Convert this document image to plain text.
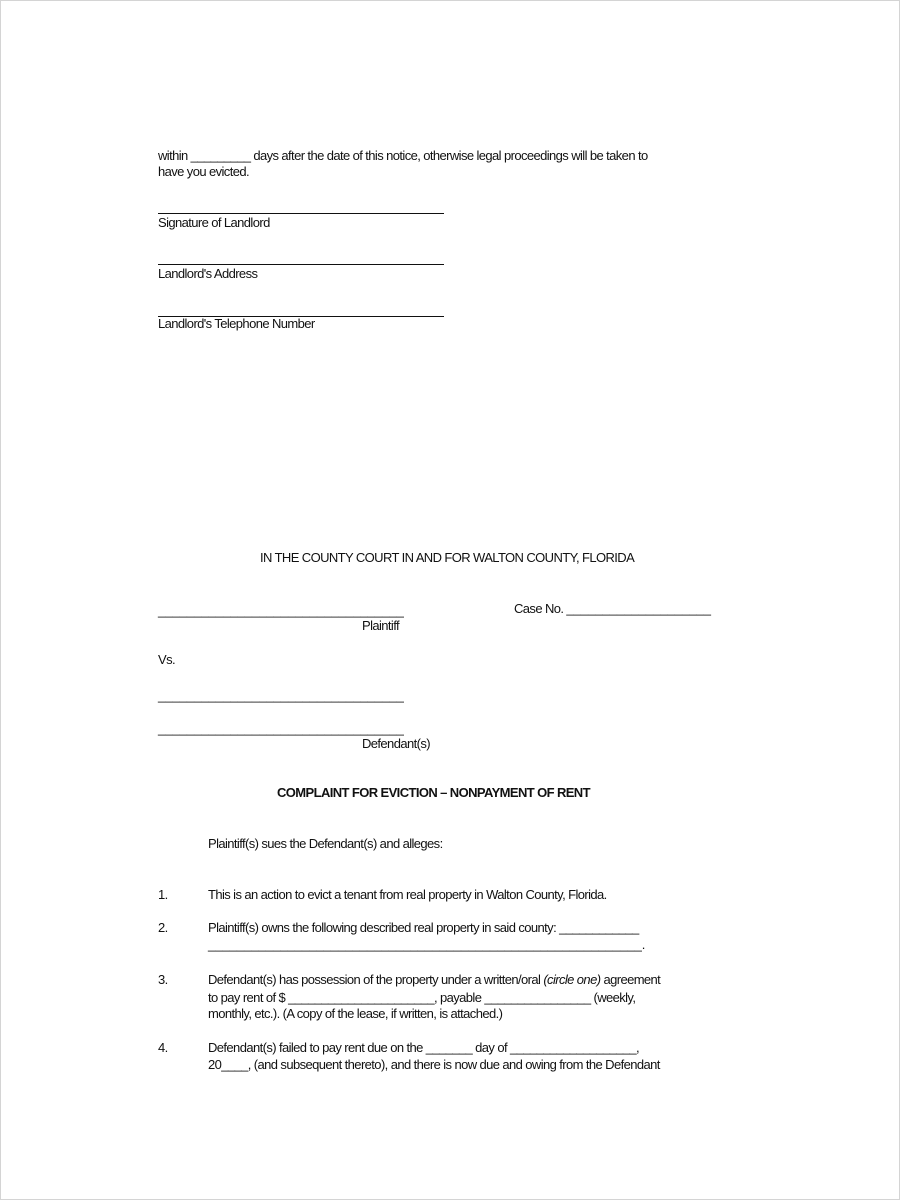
within _________ days after the date of this notice, otherwise legal proceedings will be taken to
have you evicted.
Signature of Landlord
Landlord's Address
Landlord's Telephone Number
IN THE COUNTY COURT IN AND FOR WALTON COUNTY, FLORIDA
__________________________________
Plaintiff
Case No. ____________________
Vs.
__________________________________
__________________________________
Defendant(s)
COMPLAINT FOR EVICTION – NONPAYMENT OF RENT
Plaintiff(s) sues the Defendant(s) and alleges:
1.	This is an action to evict a tenant from real property in Walton County, Florida.
2.	Plaintiff(s) owns the following described real property in said county: ____________
____________________________________________________________.
3.	Defendant(s) has possession of the property under a written/oral (circle one) agreement
to pay rent of $ ______________________, payable ________________ (weekly,
monthly, etc.). (A copy of the lease, if written, is attached.)
4.	Defendant(s) failed to pay rent due on the _______ day of ___________________,
20____, (and subsequent thereto), and there is now due and owing from the Defendant
